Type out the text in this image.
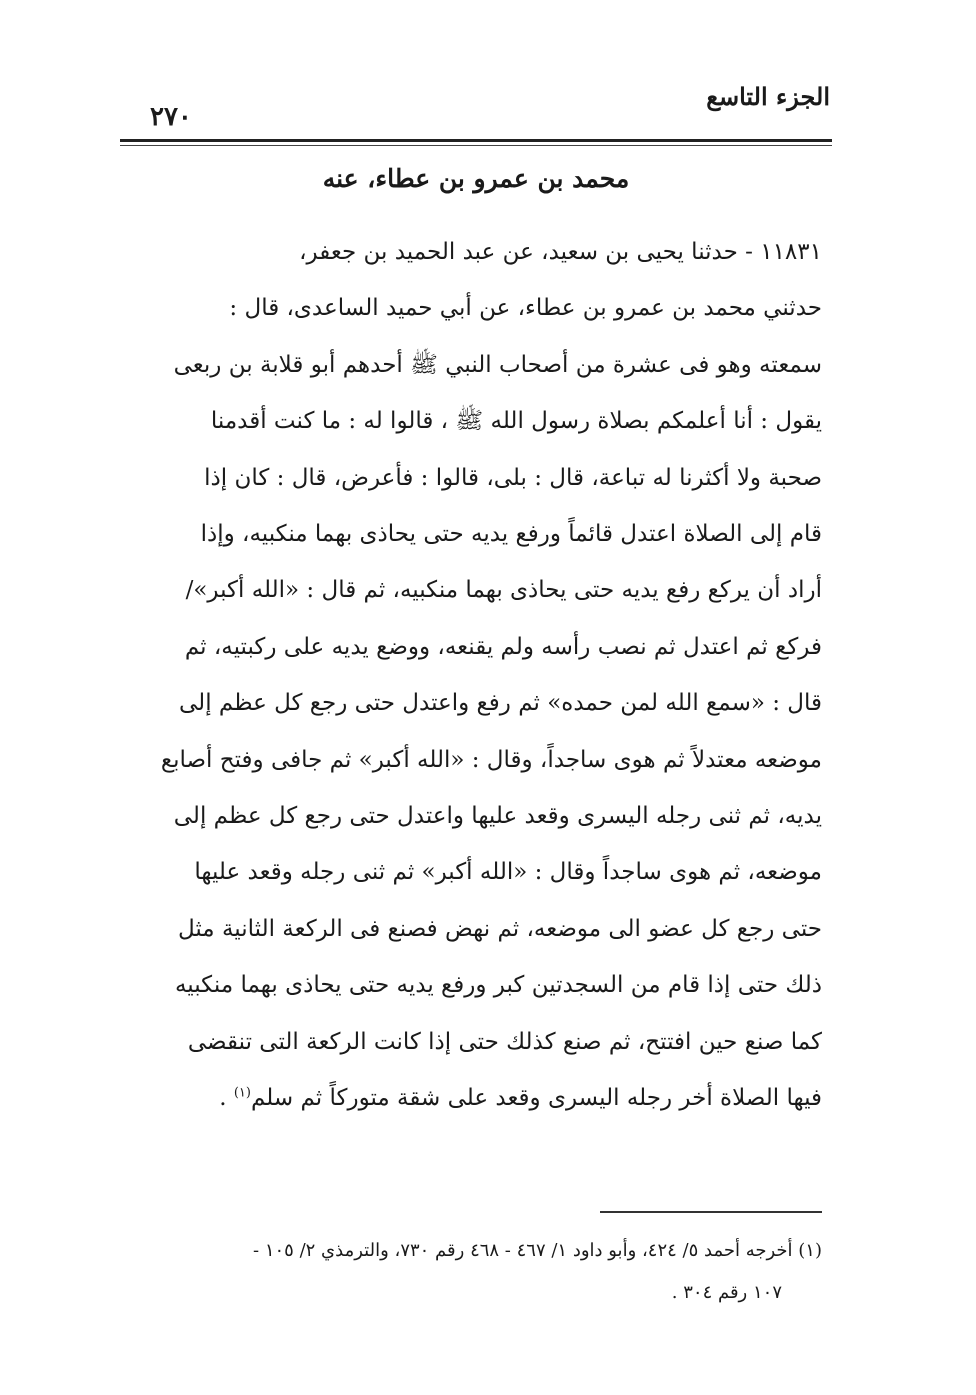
الجزء التاسع
٢٧٠
محمد بن عمرو بن عطاء، عنه

١١٨٣١ - حدثنا يحيى بن سعيد، عن عبد الحميد بن جعفر،
حدثني محمد بن عمرو بن عطاء، عن أبي حميد الساعدى، قال :
سمعته وهو فى عشرة من أصحاب النبي ﷺ أحدهم أبو قلابة بن ربعى
يقول : أنا أعلمكم بصلاة رسول الله ﷺ ، قالوا له : ما كنت أقدمنا
صحبة ولا أكثرنا له تباعة، قال : بلى، قالوا : فأعرض، قال : كان إذا
قام إلى الصلاة اعتدل قائماً ورفع يديه حتى يحاذى بهما منكبيه، وإذا
أراد أن يركع رفع يديه حتى يحاذى بهما منكبيه، ثم قال : «الله أكبر»/
فركع ثم اعتدل ثم نصب رأسه ولم يقنعه، ووضع يديه على ركبتيه، ثم
قال : «سمع الله لمن حمده» ثم رفع واعتدل حتى رجع كل عظم إلى
موضعه معتدلاً ثم هوى ساجداً، وقال : «الله أكبر» ثم جافى وفتح أصابع
يديه، ثم ثنى رجله اليسرى وقعد عليها واعتدل حتى رجع كل عظم إلى
موضعه، ثم هوى ساجداً وقال : «الله أكبر» ثم ثنى رجله وقعد عليها
حتى رجع كل عضو الى موضعه، ثم نهض فصنع فى الركعة الثانية مثل
ذلك حتى إذا قام من السجدتين كبر ورفع يديه حتى يحاذى بهما منكبيه
كما صنع حين افتتح، ثم صنع كذلك حتى إذا كانت الركعة التى تنقضى
فيها الصلاة أخر رجله اليسرى وقعد على شقة متوركاً ثم سلم$^{(١)}$ .

(١) أخرجه أحمد ٥/ ٤٢٤، وأبو داود ١/ ٤٦٧ - ٤٦٨ رقم ٧٣٠، والترمذي ٢/ ١٠٥ -
١٠٧ رقم ٣٠٤ .
